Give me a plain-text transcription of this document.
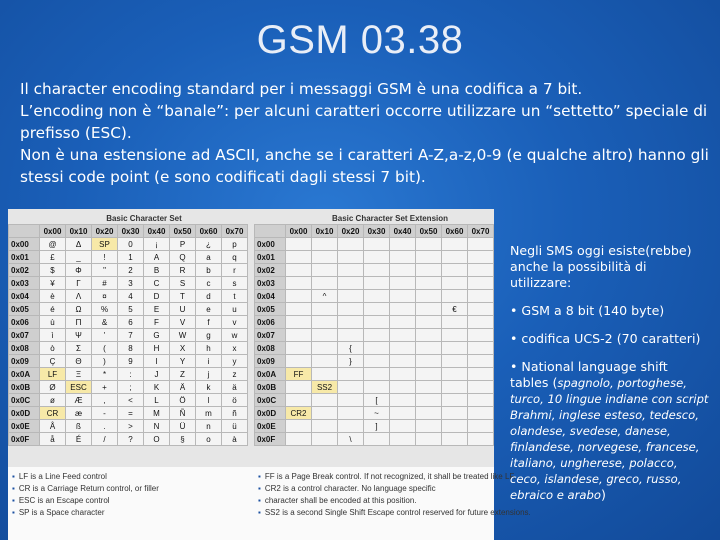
GSM 03.38

Il character encoding standard per i messaggi GSM è una codifica a 7 bit.

L’encoding non è “banale”: per alcuni caratteri occorre utilizzare un “settetto” speciale di prefisso (ESC).

Non è una estensione ad ASCII, anche se i caratteri A-Z,a-z,0-9 (e qualche altro) hanno gli stessi code point (e sono codificati dagli stessi 7 bit).

Basic Character Set
	0x00	0x10	0x20	0x30	0x40	0x50	0x60	0x70
0x00	@	Δ	SP	0	¡	P	¿	p
0x01	£	_	!	1	A	Q	a	q
0x02	$	Φ	"	2	B	R	b	r
0x03	¥	Γ	#	3	C	S	c	s
0x04	è	Λ	¤	4	D	T	d	t
0x05	é	Ω	%	5	E	U	e	u
0x06	ù	Π	&	6	F	V	f	v
0x07	ì	Ψ	'	7	G	W	g	w
0x08	ò	Σ	(	8	H	X	h	x
0x09	Ç	Θ	)	9	I	Y	i	y
0x0A	LF	Ξ	*	:	J	Z	j	z
0x0B	Ø	ESC	+	;	K	Ä	k	ä
0x0C	ø	Æ	,	<	L	Ö	l	ö
0x0D	CR	æ	-	=	M	Ñ	m	ñ
0x0E	Å	ß	.	>	N	Ü	n	ü
0x0F	å	É	/	?	O	§	o	à
Basic Character Set Extension
	0x00	0x10	0x20	0x30	0x40	0x50	0x60	0x70
0x00								
0x01								
0x02								
0x03								
0x04		^						
0x05							€	
0x06								
0x07								
0x08			{					
0x09			}					
0x0A	FF							
0x0B		SS2						
0x0C				[				
0x0D	CR2			~				
0x0E				]				
0x0F			\					
▪ LF is a Line Feed control
▪ CR is a Carriage Return control, or filler
▪ ESC is an Escape control
▪ SP is a Space character
▪ FF is a Page Break control. If not recognized, it shall be treated like LF.
▪ CR2 is a control character. No language specific
▪ character shall be encoded at this position.
▪ SS2 is a second Single Shift Escape control reserved for future extensions.

Negli SMS oggi esiste(rebbe) anche la possibilità di utilizzare:

• GSM a 8 bit (140 byte)

• codifica UCS-2 (70 caratteri)

• National language shift tables (spagnolo, portoghese, turco, 10 lingue indiane con script Brahmi, inglese esteso, tedesco, olandese, svedese, danese, finlandese, norvegese, francese, italiano, ungherese, polacco, ceco, islandese, greco, russo, ebraico e arabo)
